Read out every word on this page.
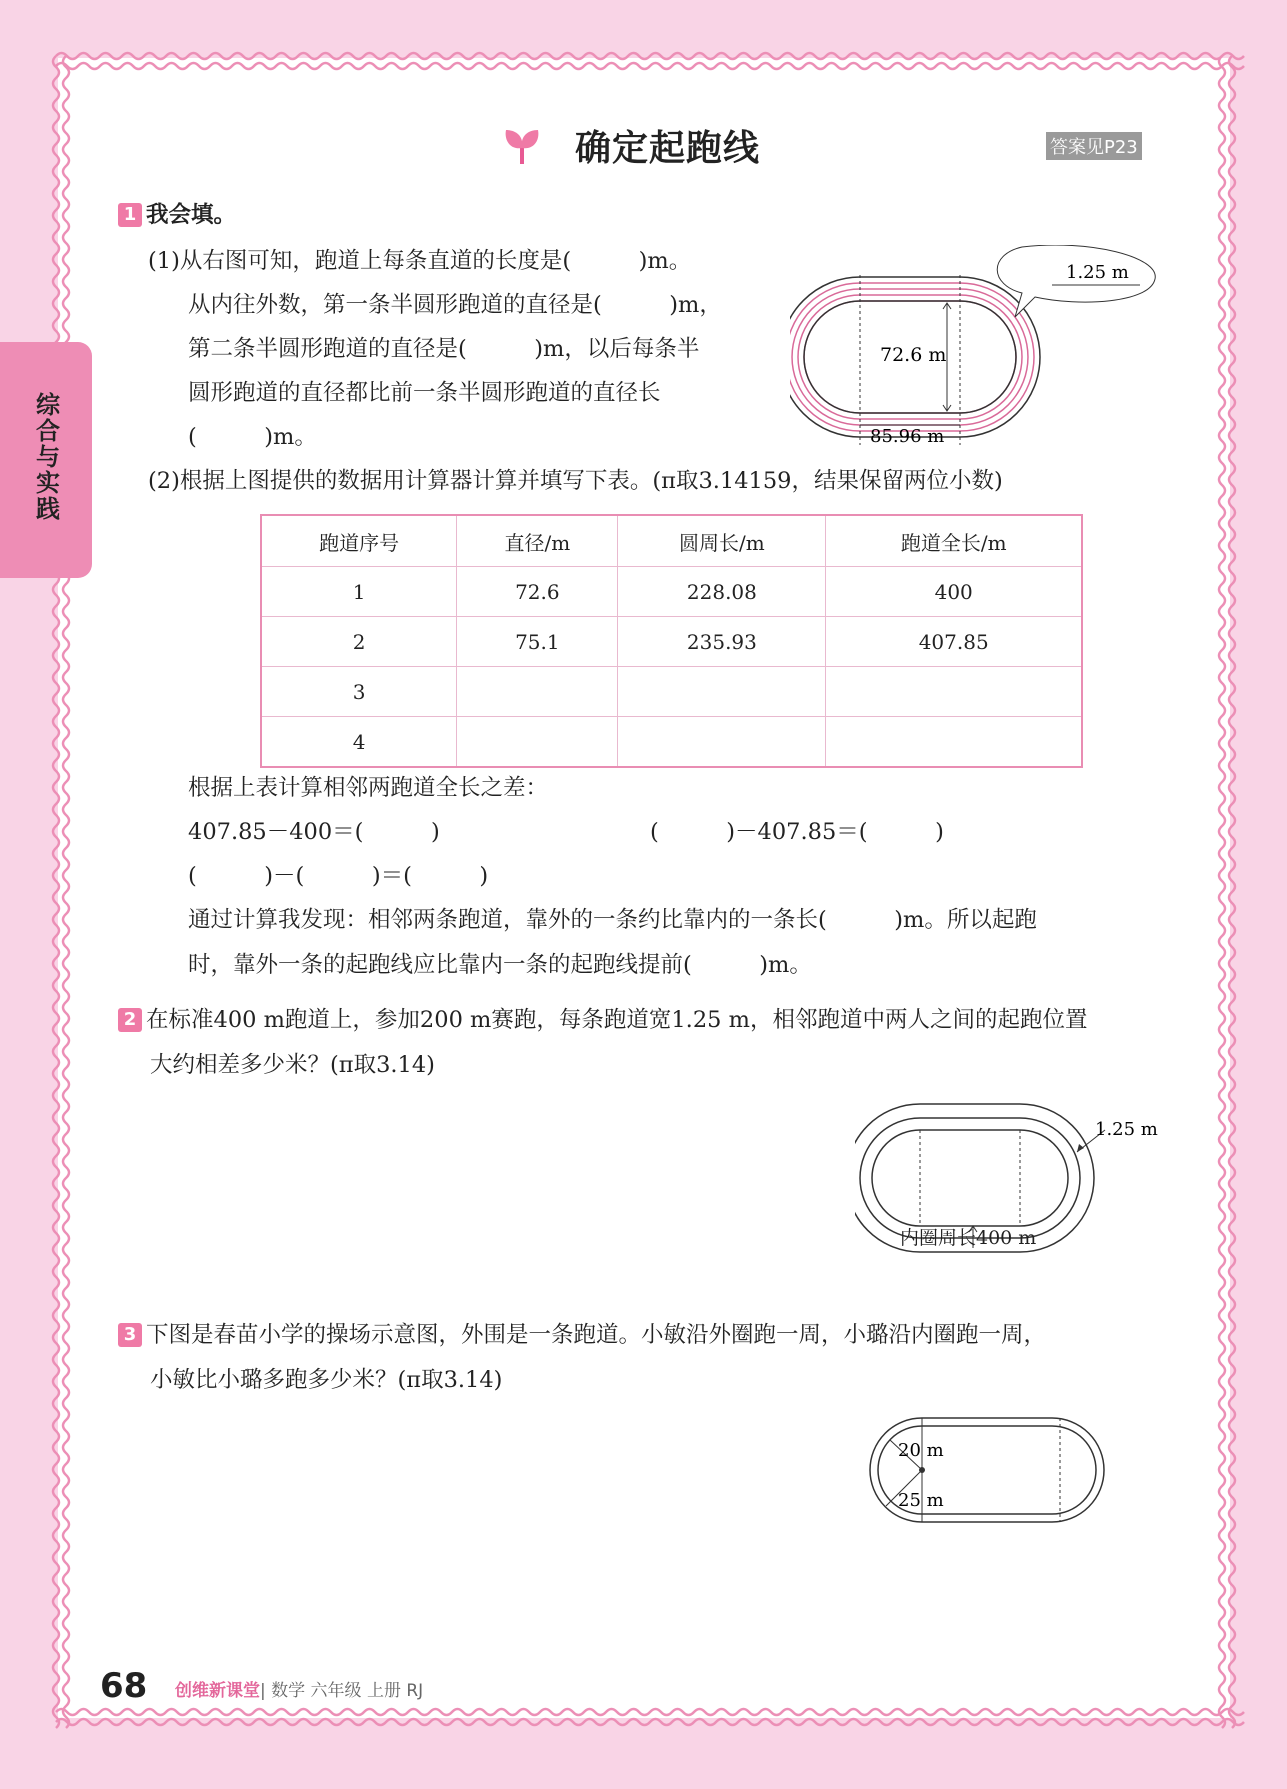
综合与实践
确定起跑线	答案见P23
1 我会填。
(1)从右图可知，跑道上每条直道的长度是(　　　)m。
从内往外数，第一条半圆形跑道的直径是(　　　)m，
第二条半圆形跑道的直径是(　　　)m，以后每条半
圆形跑道的直径都比前一条半圆形跑道的直径长
(　　　)m。
72.6 m
85.96 m
1.25 m
(2)根据上图提供的数据用计算器计算并填写下表。(π取3.14159，结果保留两位小数)
跑道序号	直径/m	圆周长/m	跑道全长/m
1	72.6	228.08	400
2	75.1	235.93	407.85
3			
4			
根据上表计算相邻两跑道全长之差：
407.85－400＝(　　　)	(　　　)－407.85＝(　　　)
(　　　)－(　　　)＝(　　　)
通过计算我发现：相邻两条跑道，靠外的一条约比靠内的一条长(　　　)m。所以起跑
时，靠外一条的起跑线应比靠内一条的起跑线提前(　　　)m。
2 在标准400 m跑道上，参加200 m赛跑，每条跑道宽1.25 m，相邻跑道中两人之间的起跑位置
大约相差多少米？(π取3.14)
1.25 m
内圈周长400 m
3 下图是春苗小学的操场示意图，外围是一条跑道。小敏沿外圈跑一周，小璐沿内圈跑一周，
小敏比小璐多跑多少米？(π取3.14)
20 m
25 m
68 创维新课堂| 数学 六年级 上册 RJ
